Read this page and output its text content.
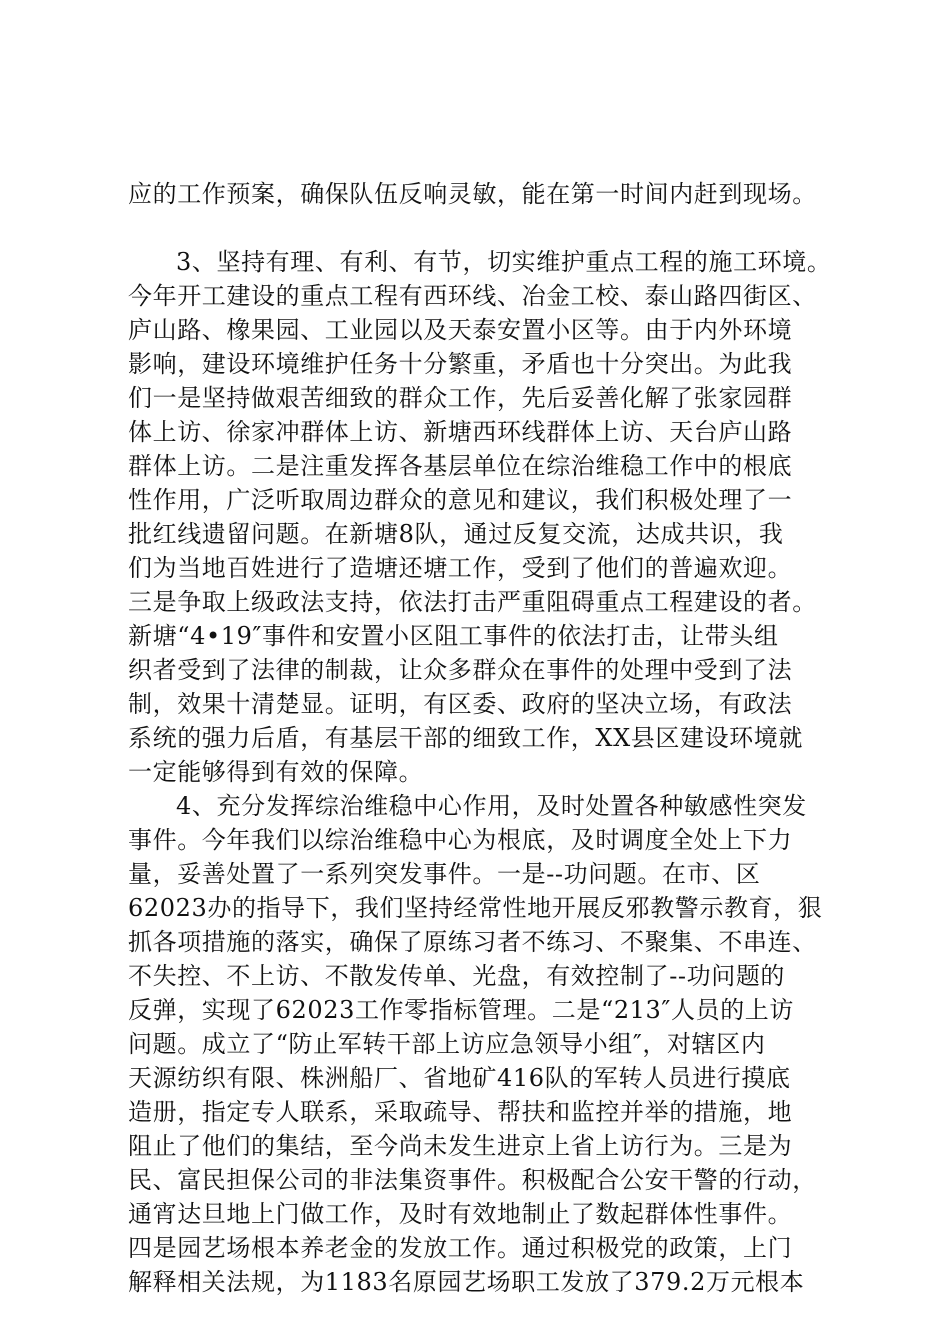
应的工作预案，确保队伍反响灵敏，能在第一时间内赶到现场。
3、坚持有理、有利、有节，切实维护重点工程的施工环境。
今年开工建设的重点工程有西环线、冶金工校、泰山路四街区、
庐山路、橡果园、工业园以及天泰安置小区等。由于内外环境
影响，建设环境维护任务十分繁重，矛盾也十分突出。为此我
们一是坚持做艰苦细致的群众工作，先后妥善化解了张家园群
体上访、徐家冲群体上访、新塘西环线群体上访、天台庐山路
群体上访。二是注重发挥各基层单位在综治维稳工作中的根底
性作用，广泛听取周边群众的意见和建议，我们积极处理了一
批红线遗留问题。在新塘8队，通过反复交流，达成共识，我
们为当地百姓进行了造塘还塘工作，受到了他们的普遍欢迎。
三是争取上级政法支持，依法打击严重阻碍重点工程建设的者。
新塘“4•19″事件和安置小区阻工事件的依法打击，让带头组
织者受到了法律的制裁，让众多群众在事件的处理中受到了法
制，效果十清楚显。证明，有区委、政府的坚决立场，有政法
系统的强力后盾，有基层干部的细致工作，XX县区建设环境就
一定能够得到有效的保障。
4、充分发挥综治维稳中心作用，及时处置各种敏感性突发
事件。今年我们以综治维稳中心为根底，及时调度全处上下力
量，妥善处置了一系列突发事件。一是--功问题。在市、区
62023办的指导下，我们坚持经常性地开展反邪教警示教育，狠
抓各项措施的落实，确保了原练习者不练习、不聚集、不串连、
不失控、不上访、不散发传单、光盘，有效控制了--功问题的
反弹，实现了62023工作零指标管理。二是“213″人员的上访
问题。成立了“防止军转干部上访应急领导小组″，对辖区内
天源纺织有限、株洲船厂、省地矿416队的军转人员进行摸底
造册，指定专人联系，采取疏导、帮扶和监控并举的措施，地
阻止了他们的集结，至今尚未发生进京上省上访行为。三是为
民、富民担保公司的非法集资事件。积极配合公安干警的行动，
通宵达旦地上门做工作，及时有效地制止了数起群体性事件。
四是园艺场根本养老金的发放工作。通过积极党的政策，上门
解释相关法规，为1183名原园艺场职工发放了379.2万元根本
